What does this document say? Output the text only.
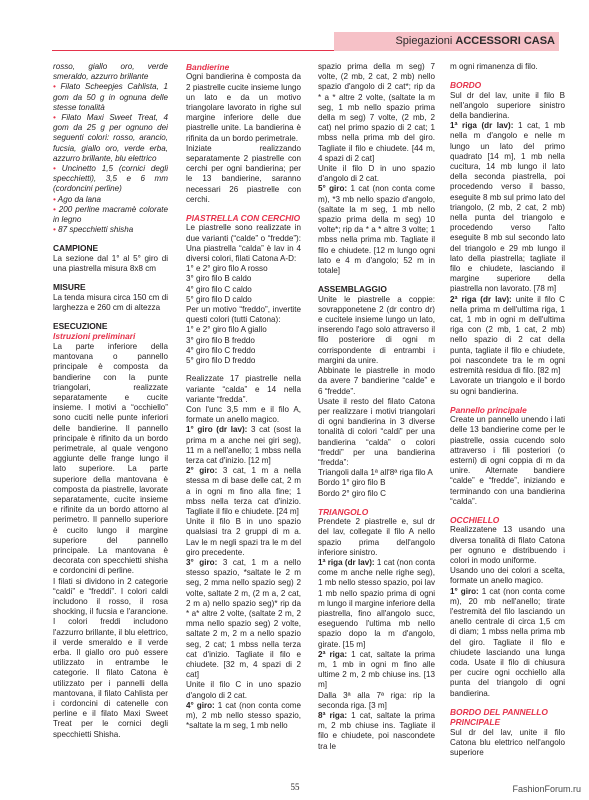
Spiegazioni ACCESSORI CASA

rosso, giallo oro, verde smeraldo, azzurro brillante

• Filato Scheepjes Cahlista, 1 gom da 50 g in ognuna delle stesse tonalità

• Filato Maxi Sweet Treat, 4 gom da 25 g per ognuno dei seguenti colori: rosso, arancio, fucsia, giallo oro, verde erba, azzurro brillante, blu elettrico

• Uncinetto 1,5 (cornici degli specchietti), 3,5 e 6 mm (cordoncini perline)

• Ago da lana

• 200 perline macramè colorate in legno

• 87 specchietti shisha

CAMPIONE

La sezione dal 1° al 5° giro di una piastrella misura 8x8 cm

MISURE

La tenda misura circa 150 cm di larghezza e 260 cm di altezza

ESECUZIONE
Istruzioni preliminari

La parte inferiore della mantovana o pannello principale è composta da bandierine con la punte triangolari, realizzate separatamente e cucite insieme. I motivi a “occhiello” sono cuciti nelle punte inferiori delle bandierine. Il pannello principale è rifinito da un bordo perimetrale, al quale vengono aggiunte delle frange lungo il lato superiore. La parte superiore della mantovana è composta da piastrelle, lavorate separatamente, cucite insieme e rifinite da un bordo attorno al perimetro. Il pannello superiore è cucito lungo il margine superiore del pannello principale. La mantovana è decorata con specchietti shisha e cordoncini di perline.

I filati si dividono in 2 categorie “caldi” e “freddi”. I colori caldi includono il rosso, il rosa shocking, il fucsia e l'arancione. I colori freddi includono l'azzurro brillante, il blu elettrico, il verde smeraldo e il verde erba. Il giallo oro può essere utilizzato in entrambe le categorie. Il filato Catona è utilizzato per i pannelli della mantovana, il filato Cahlista per i cordoncini di catenelle con perline e il filato Maxi Sweet Treat per le cornici degli specchietti Shisha.

Bandierine

Ogni bandierina è composta da 2 piastrelle cucite insieme lungo un lato e da un motivo triangolare lavorato in righe sul margine inferiore delle due piastrelle unite. La bandierina è rifinita da un bordo perimetrale.

Iniziate realizzando separatamente 2 piastrelle con cerchi per ogni bandierina; per le 13 bandierine, saranno necessari 26 piastrelle con cerchi.

PIASTRELLA CON CERCHIO

Le piastrelle sono realizzate in due varianti (“calde” o “fredde”): Una piastrella “calda” è lav in 4 diversi colori, filati Catona A-D:

1° e 2° giro filo A rosso

3° giro filo B caldo

4° giro filo C caldo

5° giro filo D caldo

Per un motivo “freddo”, invertite questi colori (tutti Catona):

1° e 2° giro filo A giallo

3° giro filo B freddo

4° giro filo C freddo

5° giro filo D freddo

Realizzate 17 piastrelle nella variante “calda” e 14 nella variante “fredda”.

Con l'unc 3,5 mm e il filo A, formate un anello magico.

1° giro (dr lav): 3 cat (sost la prima m a anche nei giri seg), 11 m a nell'anello; 1 mbss nella terza cat d'inizio. [12 m]

2° giro: 3 cat, 1 m a nella stessa m di base delle cat, 2 m a in ogni m fino alla fine; 1 mbss nella terza cat d'inizio. Tagliate il filo e chiudete. [24 m]

Unite il filo B in uno spazio qualsiasi tra 2 gruppi di m a. Lav le m negli spazi tra le m del giro precedente.

3° giro: 3 cat, 1 m a nello stesso spazio, *saltate le 2 m seg, 2 mma nello spazio seg) 2 volte, saltate 2 m, (2 m a, 2 cat, 2 m a) nello spazio seg)* rip da * a* altre 2 volte, (saltate 2 m, 2 mma nello spazio seg) 2 volte, saltate 2 m, 2 m a nello spazio seg, 2 cat; 1 mbss nella terza cat d'inizio. Tagliate il filo e chiudete. [32 m, 4 spazi di 2 cat]

Unite il filo C in uno spazio d'angolo di 2 cat.

4° giro: 1 cat (non conta come m), 2 mb nello stesso spazio, *saltate la m seg, 1 mb nello

spazio prima della m seg) 7 volte, (2 mb, 2 cat, 2 mb) nello spazio d'angolo di 2 cat*; rip da * a * altre 2 volte, (saltate la m seg, 1 mb nello spazio prima della m seg) 7 volte, (2 mb, 2 cat) nel primo spazio di 2 cat; 1 mbss nella prima mb del giro. Tagliate il filo e chiudete. [44 m, 4 spazi di 2 cat]

Unite il filo D in uno spazio d'angolo di 2 cat.

5° giro: 1 cat (non conta come m), *3 mb nello spazio d'angolo, (saltate la m seg, 1 mb nello spazio prima della m seg) 10 volte*; rip da * a * altre 3 volte; 1 mbss nella prima mb. Tagliate il filo e chiudete. [12 m lungo ogni lato e 4 m d'angolo; 52 m in totale]

ASSEMBLAGGIO

Unite le piastrelle a coppie: sovrapponetene 2 (dr contro dr) e cucitele insieme lungo un lato, inserendo l'ago solo attraverso il filo posteriore di ogni m corrispondente di entrambi i margini da unire.

Abbinate le piastrelle in modo da avere 7 bandierine “calde” e 6 “fredde”.

Usate il resto del filato Catona per realizzare i motivi triangolari di ogni bandierina in 3 diverse tonalità di colori “caldi” per una bandierina “calda” o colori “freddi” per una bandierina “fredda”:

Triangoli dalla 1ª all'8ª riga filo A

Bordo 1° giro filo B

Bordo 2° giro filo C

TRIANGOLO

Prendete 2 piastrelle e, sul dr del lav, collegate il filo A nello spazio prima dell'angolo inferiore sinistro.

1ª riga (dr lav): 1 cat (non conta come m anche nelle righe seg), 1 mb nello stesso spazio, poi lav 1 mb nello spazio prima di ogni m lungo il margine inferiore della piastrella, fino all'angolo succ, eseguendo l'ultima mb nello spazio dopo la m d'angolo, girate. [15 m]

2ª riga: 1 cat, saltate la prima m, 1 mb in ogni m fino alle ultime 2 m, 2 mb chiuse ins. [13 m]

Dalla 3ª alla 7ª riga: rip la seconda riga. [3 m]

8ª riga: 1 cat, saltate la prima m, 2 mb chiuse ins. Tagliate il filo e chiudete, poi nascondete tra le

m ogni rimanenza di filo.

BORDO

Sul dr del lav, unite il filo B nell'angolo superiore sinistro della bandierina.

1ª riga (dr lav): 1 cat, 1 mb nella m d'angolo e nelle m lungo un lato del primo quadrato [14 m], 1 mb nella cucitura, 14 mb lungo il lato della seconda piastrella, poi procedendo verso il basso, eseguite 8 mb sul primo lato del triangolo, (2 mb, 2 cat, 2 mb) nella punta del triangolo e procedendo verso l'alto eseguite 8 mb sul secondo lato del triangolo e 29 mb lungo il lato della piastrella; tagliate il filo e chiudete, lasciando il margine superiore della piastrella non lavorato. [78 m]

2ª riga (dr lav): unite il filo C nella prima m dell'ultima riga, 1 cat, 1 mb in ogni m dell'ultima riga con (2 mb, 1 cat, 2 mb) nello spazio di 2 cat della punta, tagliate il filo e chiudete, poi nascondete tra le m ogni estremità residua di filo. [82 m]

Lavorate un triangolo e il bordo su ogni bandierina.

Pannello principale

Create un pannello unendo i lati delle 13 bandierine come per le piastrelle, ossia cucendo solo attraverso i fili posteriori (o esterni) di ogni coppia di m da unire. Alternate bandiere “calde” e “fredde”, iniziando e terminando con una bandierina “calda”.

OCCHIELLO

Realizzatene 13 usando una diversa tonalità di filato Catona per ognuno e distribuendo i colori in modo uniforme.

Usando uno dei colori a scelta, formate un anello magico.

1° giro: 1 cat (non conta come m), 20 mb nell'anello; tirate l'estremità del filo lasciando un anello centrale di circa 1,5 cm di diam; 1 mbss nella prima mb del giro. Tagliate il filo e chiudete lasciando una lunga coda. Usate il filo di chiusura per cucire ogni occhiello alla punta del triangolo di ogni bandierina.

BORDO DEL PANNELLO PRINCIPALE

Sul dr del lav, unite il filo Catona blu elettrico nell'angolo superiore

55	FashionForum.ru
